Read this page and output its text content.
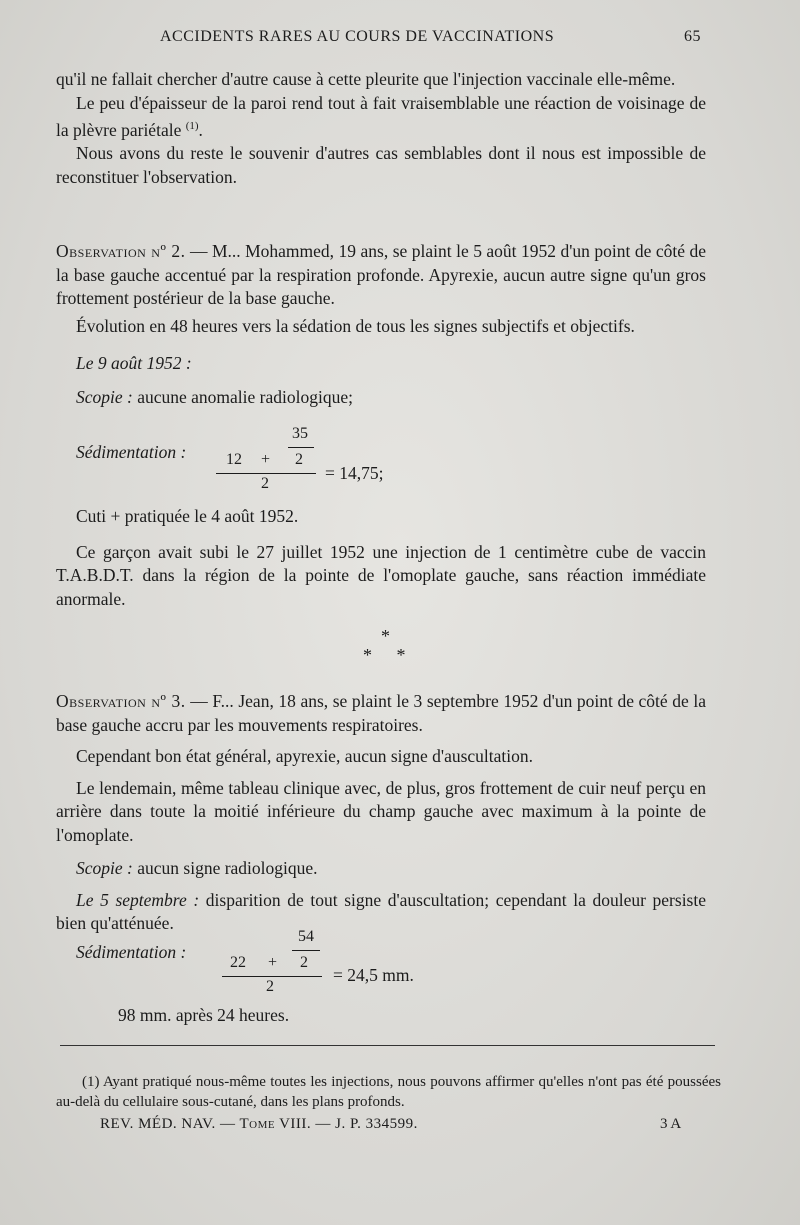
ACCIDENTS RARES AU COURS DE VACCINATIONS	65

qu'il ne fallait chercher d'autre cause à cette pleurite que l'injection vaccinale elle-même.

Le peu d'épaisseur de la paroi rend tout à fait vraisemblable une réaction de voisinage de la plèvre pariétale $^{(1)}$.

Nous avons du reste le souvenir d'autres cas semblables dont il nous est impossible de reconstituer l'observation.

Observation nº 2. — M... Mohammed, 19 ans, se plaint le 5 août 1952 d'un point de côté de la base gauche accentué par la respiration profonde. Apyrexie, aucun autre signe qu'un gros frottement postérieur de la base gauche.

Évolution en 48 heures vers la sédation de tous les signes subjectifs et objectifs.

Le 9 août 1952 :

Scopie : aucune anomalie radiologique;

Sédimentation :
35
12 + 2
2
= 14,75;

Cuti + pratiquée le 4 août 1952.

Ce garçon avait subi le 27 juillet 1952 une injection de 1 centimètre cube de vaccin T.A.B.D.T. dans la région de la pointe de l'omoplate gauche, sans réaction immédiate anormale.

*
* *

Observation nº 3. — F... Jean, 18 ans, se plaint le 3 septembre 1952 d'un point de côté de la base gauche accru par les mouvements respiratoires.

Cependant bon état général, apyrexie, aucun signe d'auscultation.

Le lendemain, même tableau clinique avec, de plus, gros frottement de cuir neuf perçu en arrière dans toute la moitié inférieure du champ gauche avec maximum à la pointe de l'omoplate.

Scopie : aucun signe radiologique.

Le 5 septembre : disparition de tout signe d'auscultation; cependant la douleur persiste bien qu'atténuée.

Sédimentation :
54
22 + 2
2
= 24,5 mm.

98 mm. après 24 heures.

(1) Ayant pratiqué nous-même toutes les injections, nous pouvons affirmer qu'elles n'ont pas été poussées au-delà du cellulaire sous-cutané, dans les plans profonds.

REV. MÉD. NAV. — Tome VIII. — J. P. 334599.	3 A
